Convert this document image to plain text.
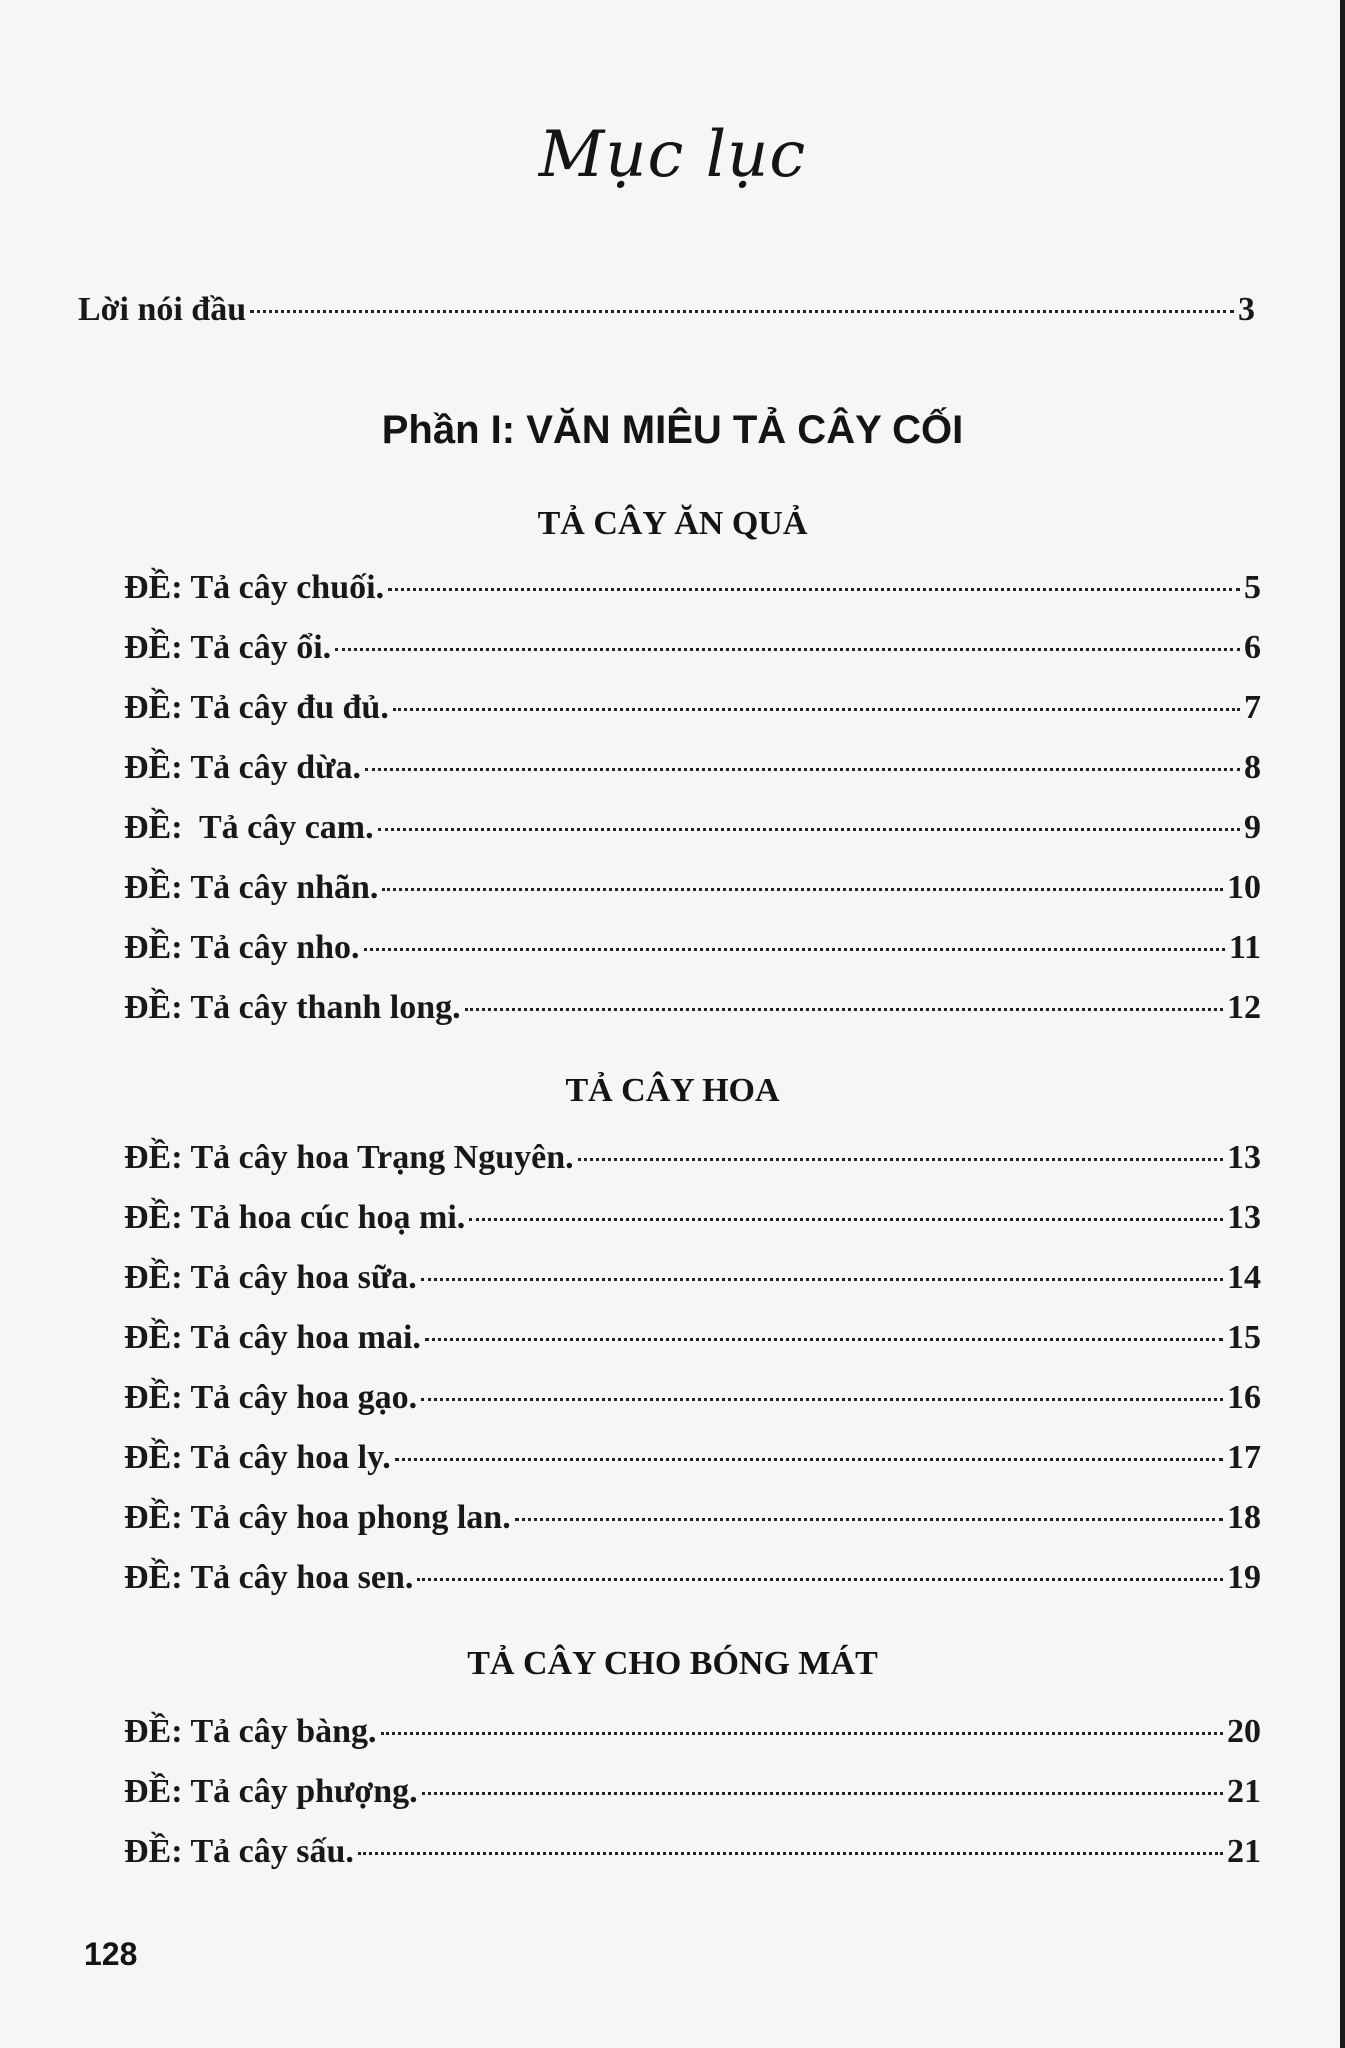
Mục lục
Lời nói đầu	3
Phần I: VĂN MIÊU TẢ CÂY CỐI
TẢ CÂY ĂN QUẢ
ĐỀ: Tả cây chuối.	5
ĐỀ: Tả cây ổi.	6
ĐỀ: Tả cây đu đủ.	7
ĐỀ: Tả cây dừa.	8
ĐỀ:  Tả cây cam.	9
ĐỀ: Tả cây nhãn.	10
ĐỀ: Tả cây nho.	11
ĐỀ: Tả cây thanh long.	12
TẢ CÂY HOA
ĐỀ: Tả cây hoa Trạng Nguyên.	13
ĐỀ: Tả hoa cúc hoạ mi.	13
ĐỀ: Tả cây hoa sữa.	14
ĐỀ: Tả cây hoa mai.	15
ĐỀ: Tả cây hoa gạo.	16
ĐỀ: Tả cây hoa ly.	17
ĐỀ: Tả cây hoa phong lan.	18
ĐỀ: Tả cây hoa sen.	19
TẢ CÂY CHO BÓNG MÁT
ĐỀ: Tả cây bàng.	20
ĐỀ: Tả cây phượng.	21
ĐỀ: Tả cây sấu.	21
128
